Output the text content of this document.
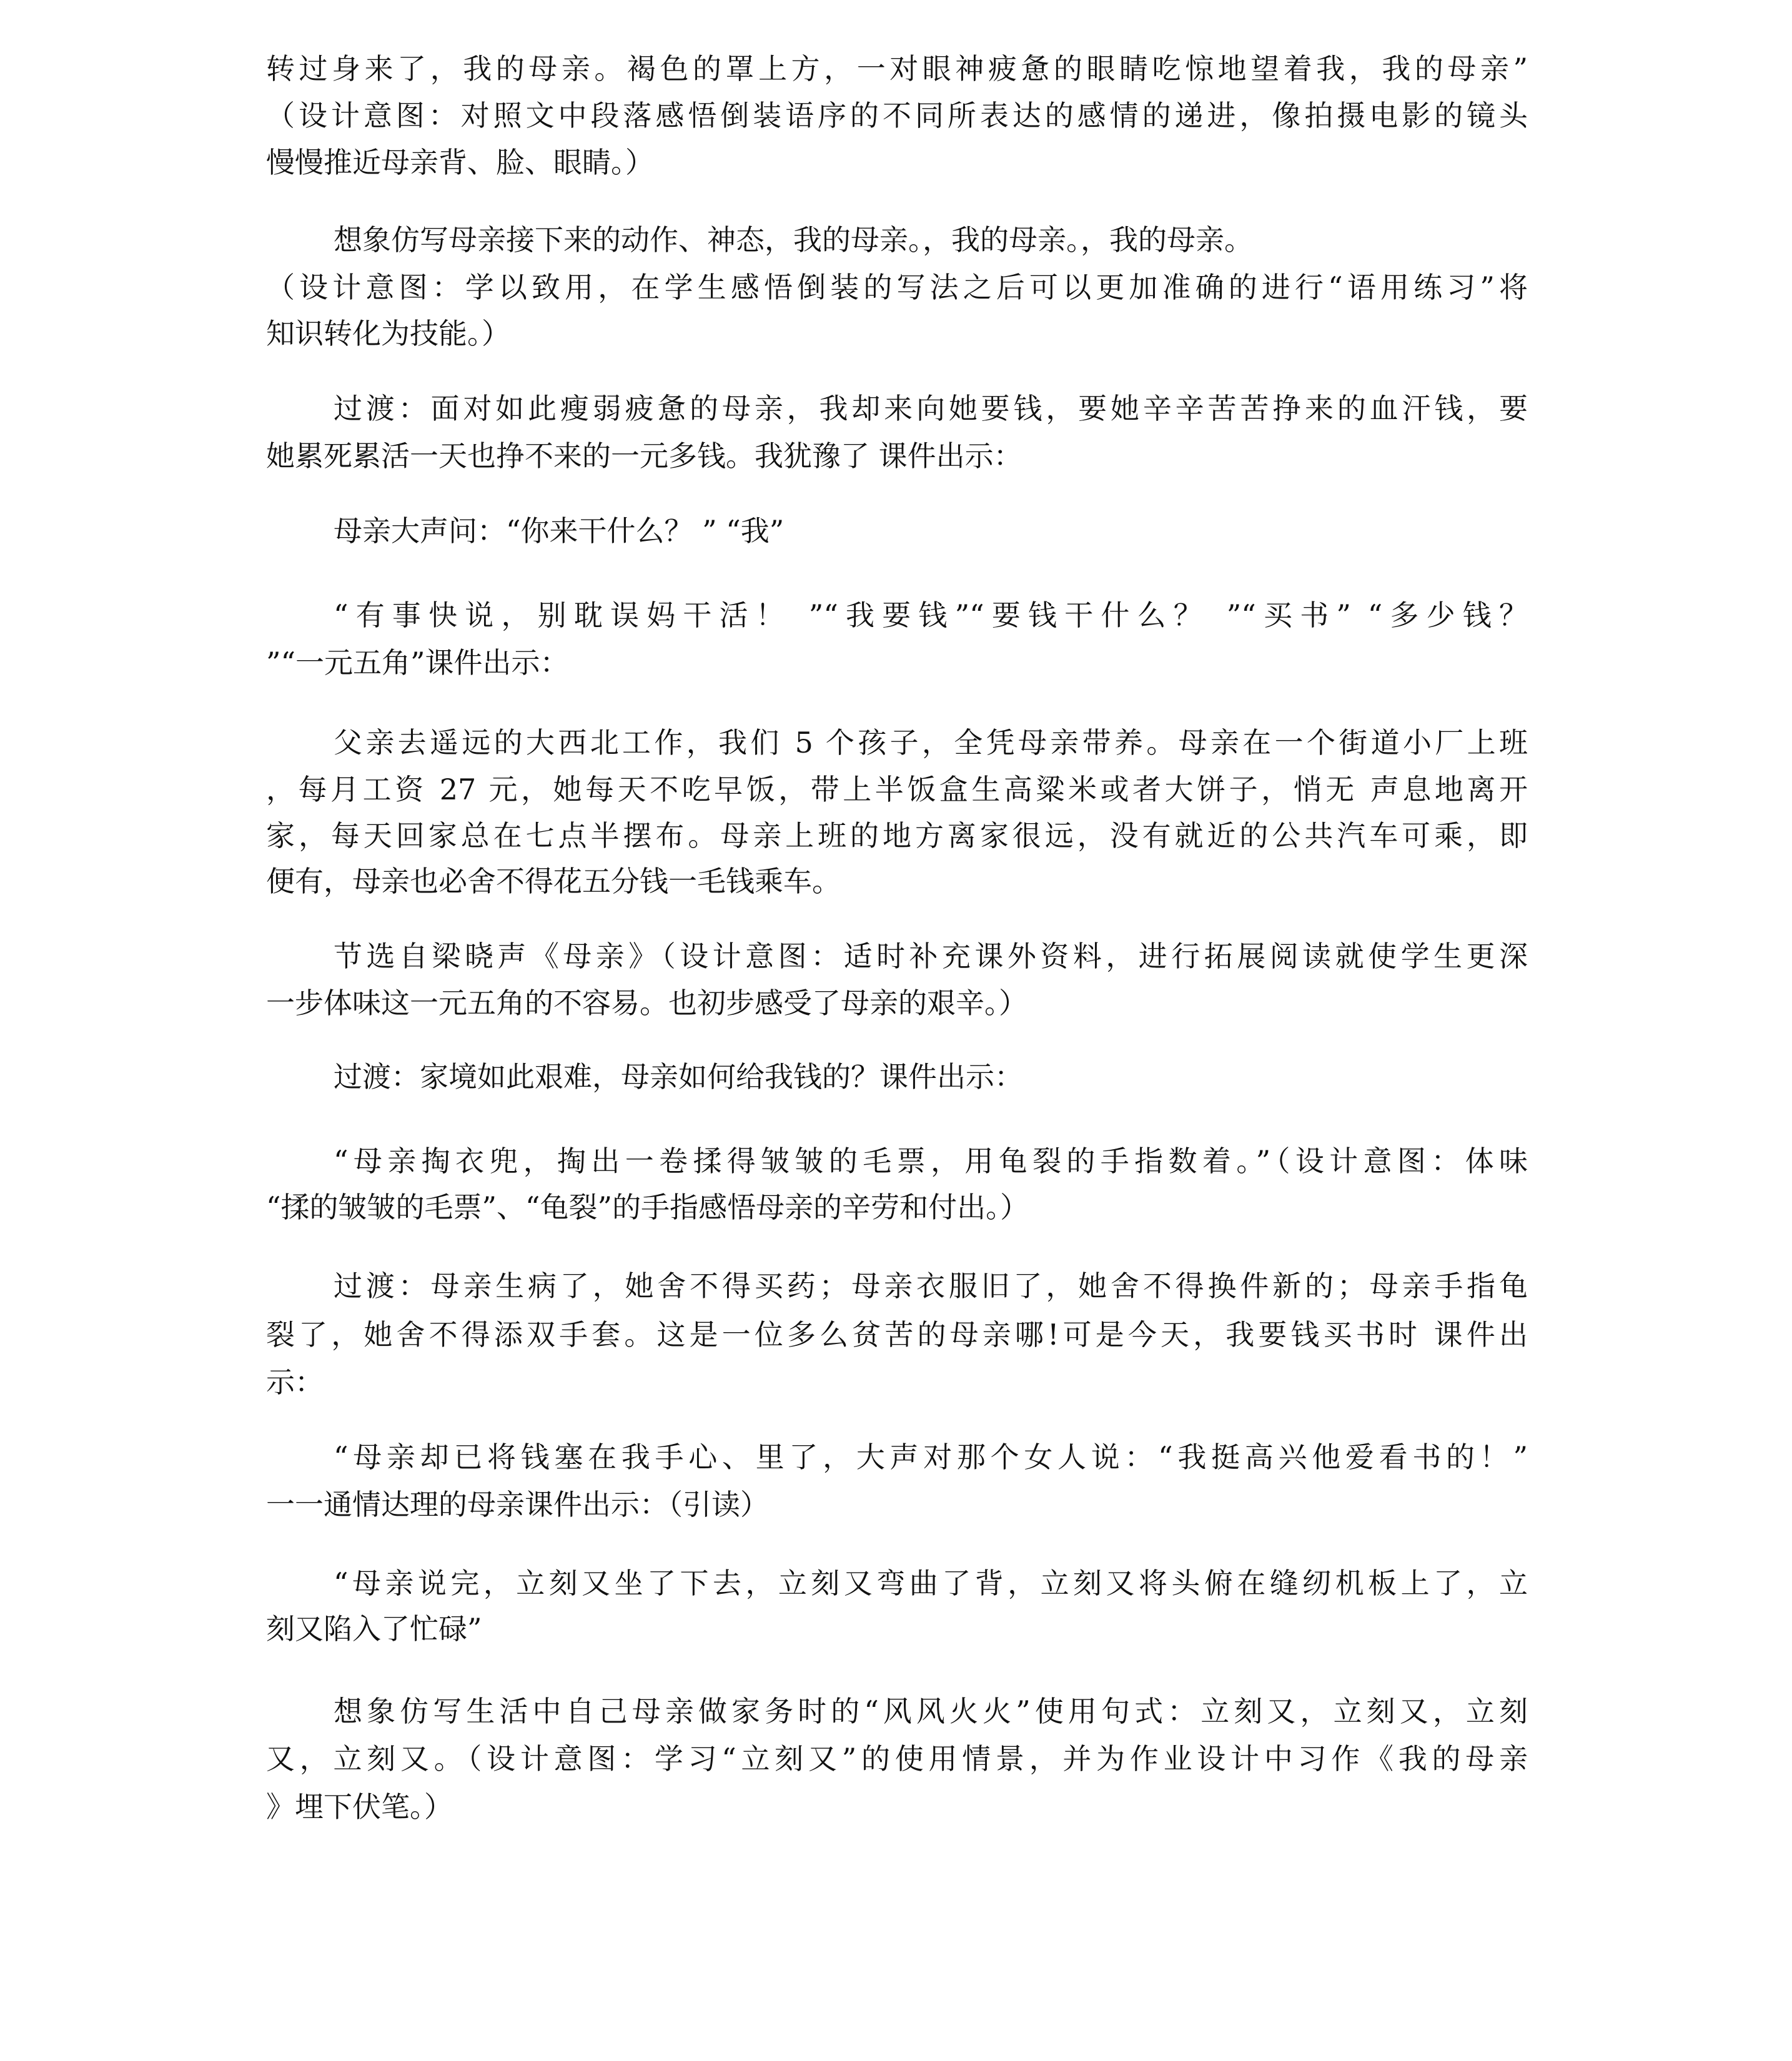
转过身来了，我的母亲。褐色的罩上方，一对眼神疲惫的眼睛吃惊地望着我，我的母亲”
（设计意图：对照文中段落感悟倒装语序的不同所表达的感情的递进，像拍摄电影的镜头
慢慢推近母亲背、脸、眼睛。）
想象仿写母亲接下来的动作、神态，我的母亲。，我的母亲。，我的母亲。
（设计意图：学以致用，在学生感悟倒装的写法之后可以更加准确的进行“语用练习”将
知识转化为技能。）
过渡：面对如此瘦弱疲惫的母亲，我却来向她要钱，要她辛辛苦苦挣来的血汗钱，要
她累死累活一天也挣不来的一元多钱。我犹豫了 课件出示：
母亲大声问：“你来干什么？ ” “我”
“有事快说，别耽误妈干活！ ”“我要钱”“要钱干什么？ ”“买书” “多少钱？
”“一元五角”课件出示：
父亲去遥远的大西北工作，我们 5 个孩子，全凭母亲带养。母亲在一个街道小厂上班
，每月工资 27 元，她每天不吃早饭，带上半饭盒生高粱米或者大饼子，悄无 声息地离开
家，每天回家总在七点半摆布。母亲上班的地方离家很远，没有就近的公共汽车可乘，即
便有，母亲也必舍不得花五分钱一毛钱乘车。
节选自梁晓声《母亲》（设计意图：适时补充课外资料，进行拓展阅读就使学生更深
一步体味这一元五角的不容易。也初步感受了母亲的艰辛。）
过渡：家境如此艰难，母亲如何给我钱的？课件出示：
“母亲掏衣兜，掏出一卷揉得皱皱的毛票，用龟裂的手指数着。”（设计意图：体味
“揉的皱皱的毛票”、“龟裂”的手指感悟母亲的辛劳和付出。）
过渡：母亲生病了，她舍不得买药；母亲衣服旧了，她舍不得换件新的；母亲手指龟
裂了，她舍不得添双手套。这是一位多么贫苦的母亲哪!可是今天，我要钱买书时 课件出
示：
“母亲却已将钱塞在我手心、里了，大声对那个女人说：“我挺高兴他爱看书的！”
一一通情达理的母亲课件出示：（引读）
“母亲说完，立刻又坐了下去，立刻又弯曲了背，立刻又将头俯在缝纫机板上了，立
刻又陷入了忙碌”
想象仿写生活中自己母亲做家务时的“风风火火”使用句式：立刻又，立刻又，立刻
又，立刻又。（设计意图：学习“立刻又”的使用情景，并为作业设计中习作《我的母亲
》埋下伏笔。）
